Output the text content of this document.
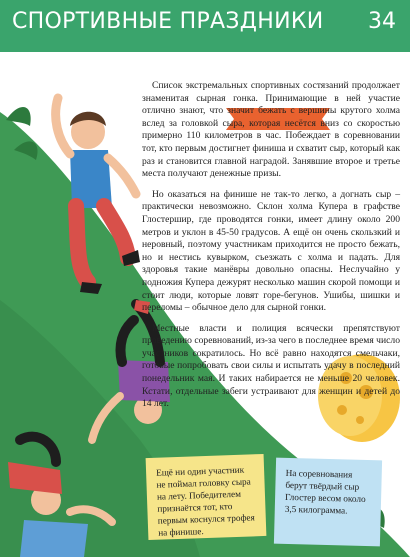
СПОРТИВНЫЕ ПРАЗДНИКИ 34
Сырные бега (Англия)

Список экстремальных спортивных состязаний продолжает знаменитая сырная гонка. Принимающие в ней участие отлично знают, что значит бежать с вершины крутого холма вслед за головкой сыра, которая несётся вниз со скоростью примерно 110 километров в час. Побеждает в соревновании тот, кто первым достигнет финиша и схватит сыр, который как раз и становится главной наградой. Занявшие второе и третье места получают денежные призы.

Но оказаться на финише не так-то легко, а догнать сыр – практически невозможно. Склон холма Купера в графстве Глостершир, где проводятся гонки, имеет длину около 200 метров и уклон в 45-50 градусов. А ещё он очень скользкий и неровный, поэтому участникам приходится не просто бежать, но и нестись кувырком, съезжать с холма и падать. Для здоровья такие манёвры довольно опасны. Неслучайно у подножия Купера дежурят несколько машин скорой помощи и стоит люди, которые ловят горе-бегунов. Ушибы, шишки и переломы – обычное дело для сырной гонки.

Местные власти и полиция всячески препятствуют проведению соревнований, из-за чего в последнее время число участников сократилось. Но всё равно находятся смельчаки, готовые попробовать свои силы и испытать удачу в последний понедельник мая. И таких набирается не меньше 20 человек. Кстати, отдельные забеги устраивают для женщин и детей до 14 лет.

Ещё ни один участник не поймал головку сыра на лету. Победителем признаётся тот, кто первым коснулся трофея на финише.
На соревнования берут твёрдый сыр Глостер весом около 3,5 килограмма.
